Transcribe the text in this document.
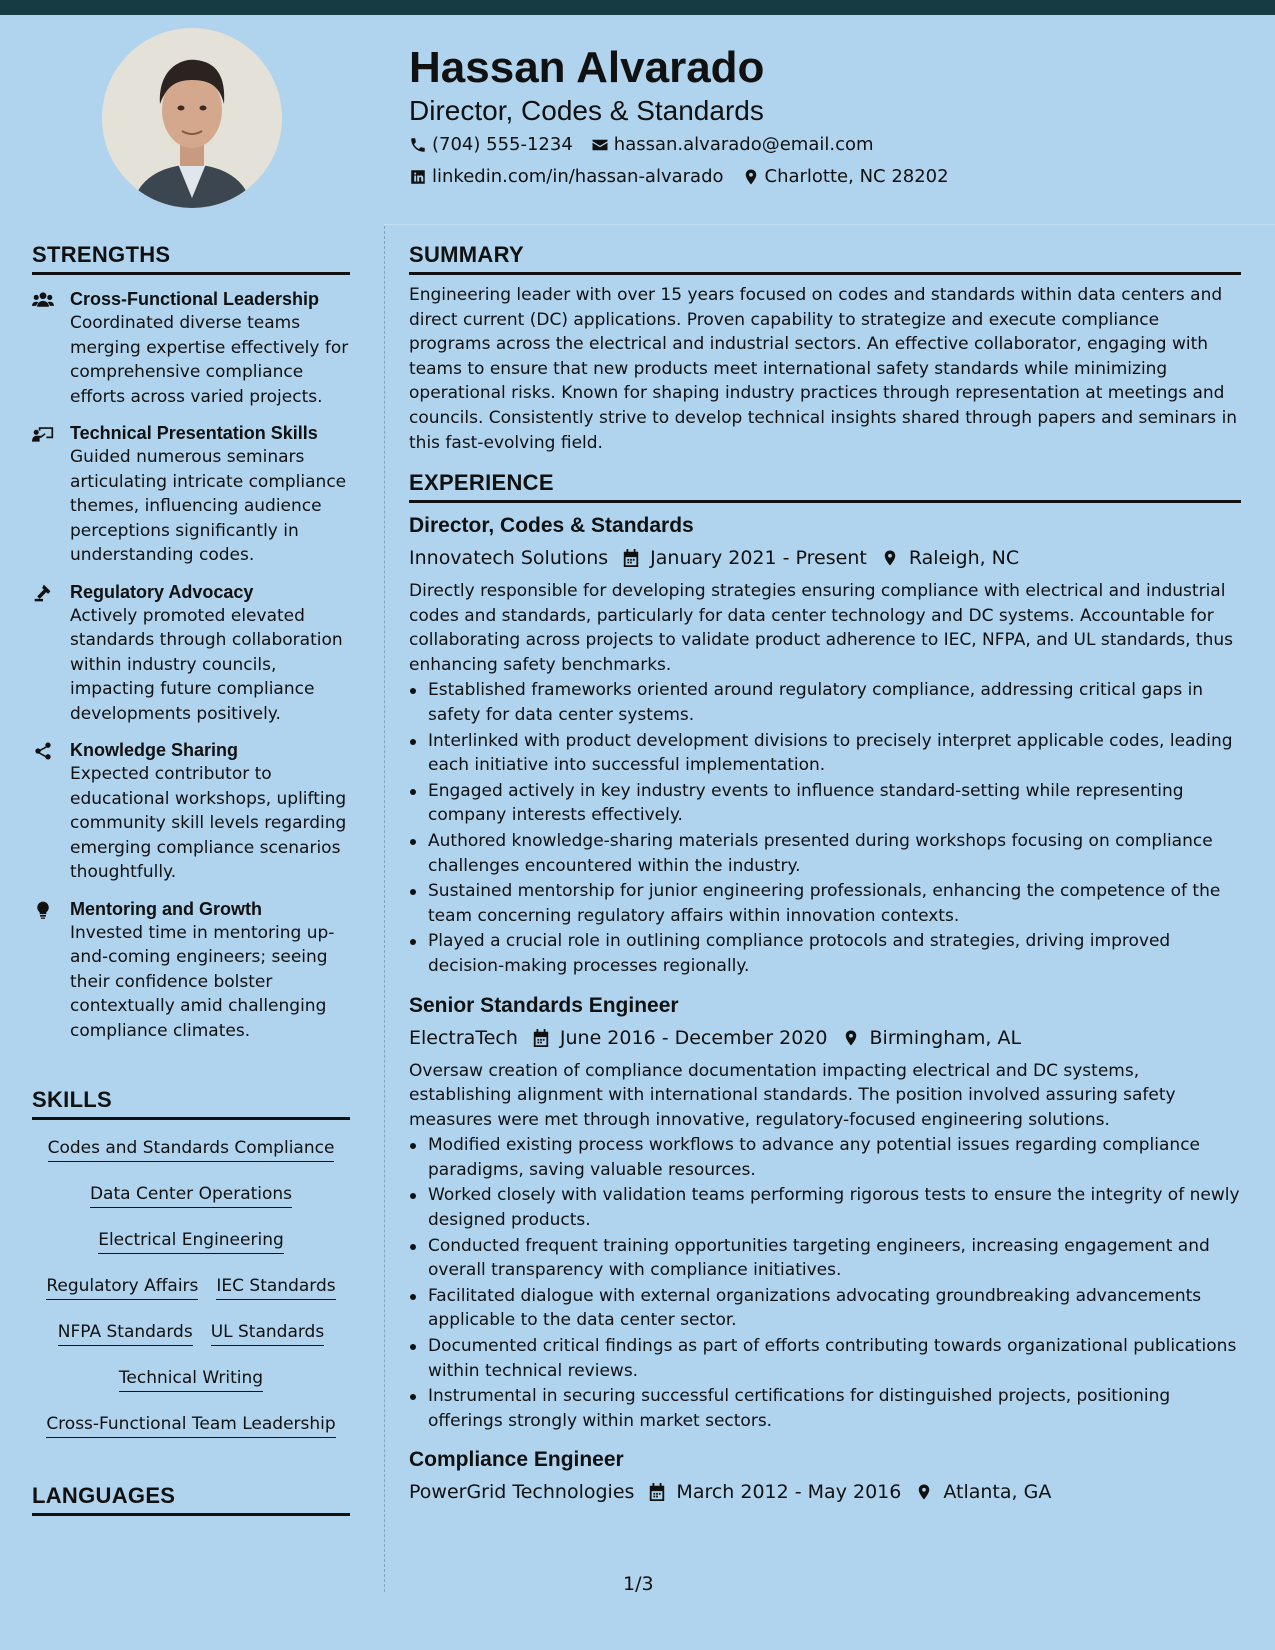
Hassan Alvarado
Director, Codes & Standards
(704) 555-1234 hassan.alvarado@email.com
linkedin.com/in/hassan-alvarado Charlotte, NC 28202
STRENGTHS
Cross-Functional Leadership
Coordinated diverse teams merging expertise effectively for comprehensive compliance efforts across varied projects.
Technical Presentation Skills
Guided numerous seminars articulating intricate compliance themes, influencing audience perceptions significantly in understanding codes.
Regulatory Advocacy
Actively promoted elevated standards through collaboration within industry councils, impacting future compliance developments positively.
Knowledge Sharing
Expected contributor to educational workshops, uplifting community skill levels regarding emerging compliance scenarios thoughtfully.
Mentoring and Growth
Invested time in mentoring up-and-coming engineers; seeing their confidence bolster contextually amid challenging compliance climates.
SKILLS
Codes and Standards Compliance
Data Center Operations
Electrical Engineering
Regulatory Affairs IEC Standards
NFPA Standards UL Standards
Technical Writing
Cross-Functional Team Leadership
LANGUAGES
SUMMARY

Engineering leader with over 15 years focused on codes and standards within data centers and direct current (DC) applications. Proven capability to strategize and execute compliance programs across the electrical and industrial sectors. An effective collaborator, engaging with teams to ensure that new products meet international safety standards while minimizing operational risks. Known for shaping industry practices through representation at meetings and councils. Consistently strive to develop technical insights shared through papers and seminars in this fast-evolving field.

EXPERIENCE
Director, Codes & Standards
Innovatech Solutions January 2021 - Present Raleigh, NC

Directly responsible for developing strategies ensuring compliance with electrical and industrial codes and standards, particularly for data center technology and DC systems. Accountable for collaborating across projects to validate product adherence to IEC, NFPA, and UL standards, thus enhancing safety benchmarks.

Established frameworks oriented around regulatory compliance, addressing critical gaps in safety for data center systems.
Interlinked with product development divisions to precisely interpret applicable codes, leading each initiative into successful implementation.
Engaged actively in key industry events to influence standard-setting while representing company interests effectively.
Authored knowledge-sharing materials presented during workshops focusing on compliance challenges encountered within the industry.
Sustained mentorship for junior engineering professionals, enhancing the competence of the team concerning regulatory affairs within innovation contexts.
Played a crucial role in outlining compliance protocols and strategies, driving improved decision-making processes regionally.
Senior Standards Engineer
ElectraTech June 2016 - December 2020 Birmingham, AL

Oversaw creation of compliance documentation impacting electrical and DC systems, establishing alignment with international standards. The position involved assuring safety measures were met through innovative, regulatory-focused engineering solutions.

Modified existing process workflows to advance any potential issues regarding compliance paradigms, saving valuable resources.
Worked closely with validation teams performing rigorous tests to ensure the integrity of newly designed products.
Conducted frequent training opportunities targeting engineers, increasing engagement and overall transparency with compliance initiatives.
Facilitated dialogue with external organizations advocating groundbreaking advancements applicable to the data center sector.
Documented critical findings as part of efforts contributing towards organizational publications within technical reviews.
Instrumental in securing successful certifications for distinguished projects, positioning offerings strongly within market sectors.
Compliance Engineer
PowerGrid Technologies March 2012 - May 2016 Atlanta, GA
1/3
